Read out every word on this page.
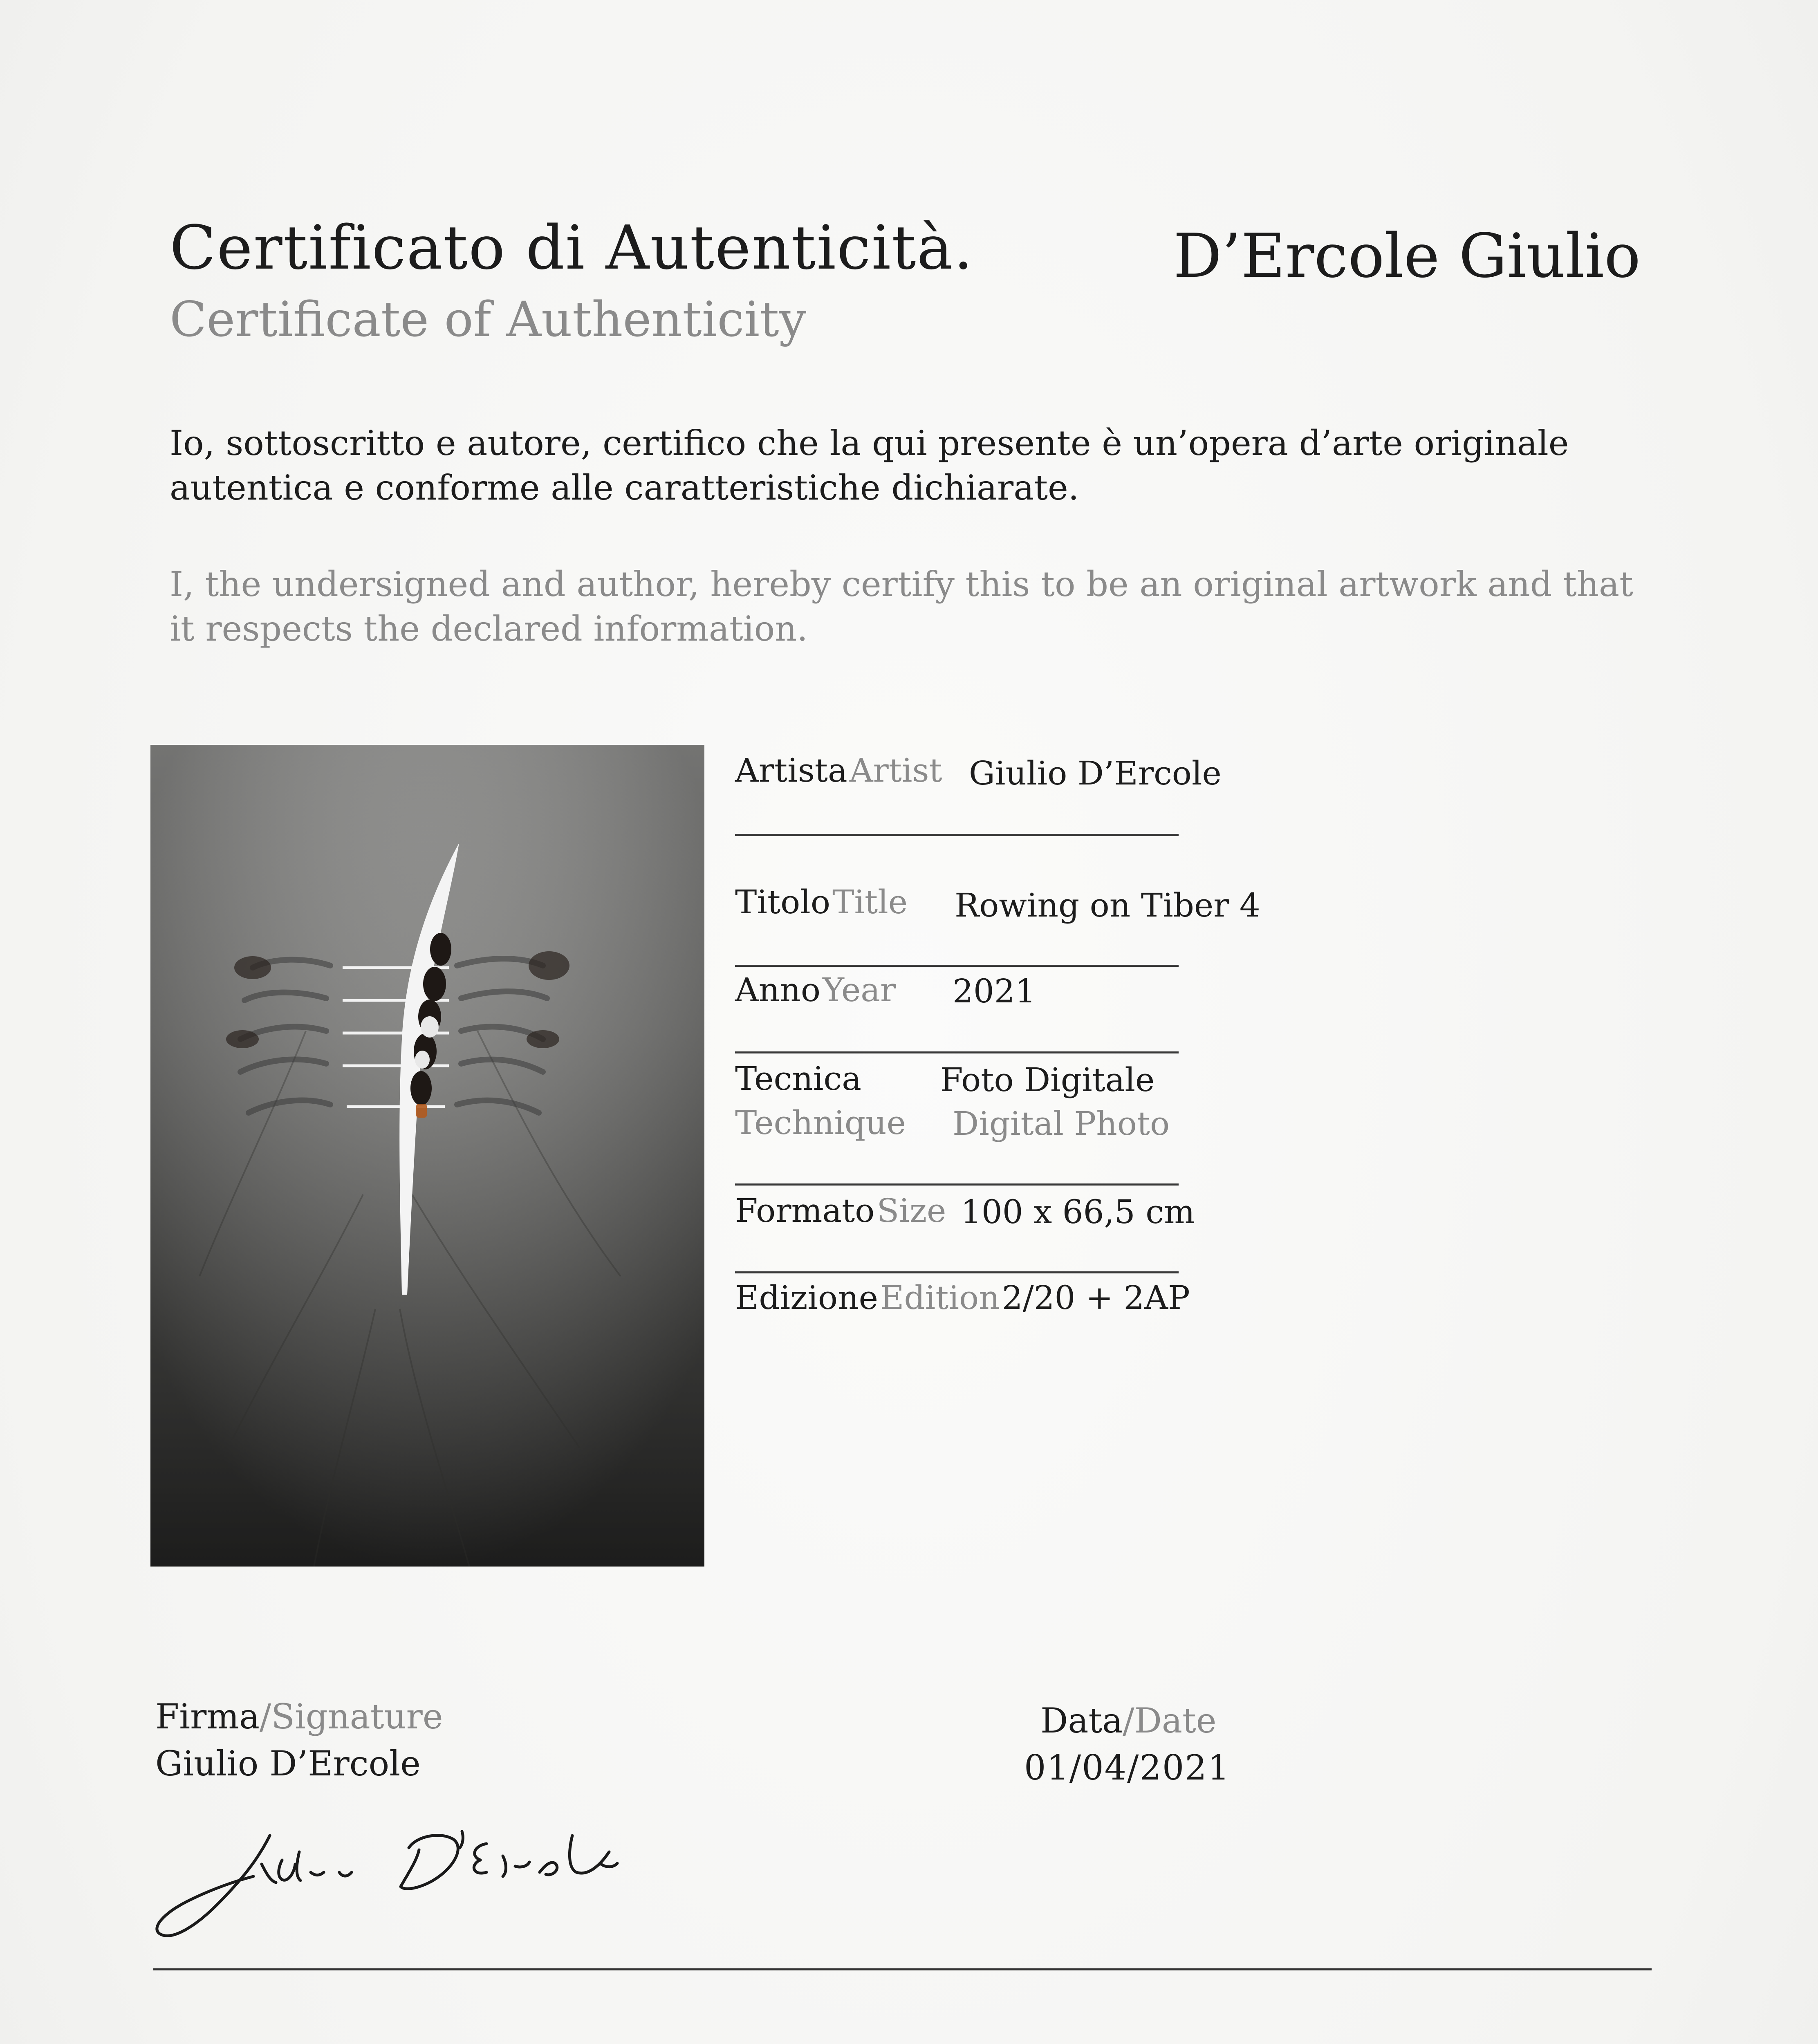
Certificato di Autenticità.
Certificate of Authenticity
D’Ercole Giulio
Io, sottoscritto e autore, certifico che la qui presente è un’opera d’arte originale autentica e conforme alle caratteristiche dichiarate.
I, the undersigned and author, hereby certify this to be an original artwork and that it respects the declared information.
Artista Artist Giulio D’Ercole
Titolo Title Rowing on Tiber 4
Anno Year 2021
Tecnica Foto Digitale
Technique Digital Photo
Formato Size 100 x 66,5 cm
Edizione Edition 2/20 + 2AP
Firma/Signature
Giulio D’Ercole
Data/Date
01/04/2021
